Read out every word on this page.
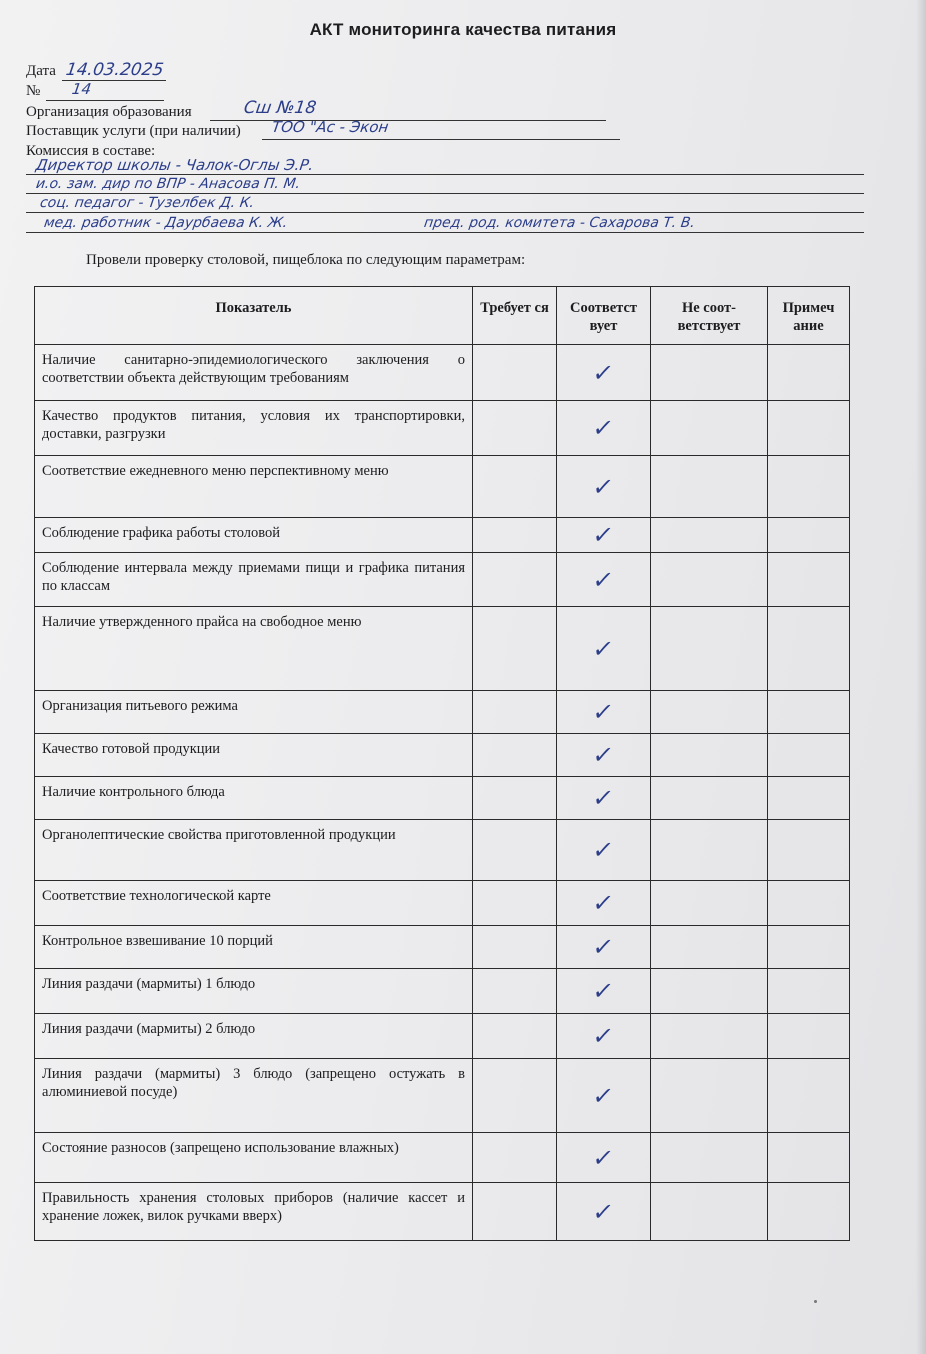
АКТ мониторинга качества питания
Дата 14.03.2025
№ 14
Организация образования	Сш №18
Поставщик услуги (при наличии) ТОО "Ас - Экон
Комиссия в составе:
Директор школы - Чалок-Оглы Э.Р.
и.о. зам. дир по ВПР - Анасова П. М.
соц. педагог - Тузелбек Д. К.
мед. работник - Даурбаева К. Ж.	пред. род. комитета - Сахарова Т. В.
Провели проверку столовой, пищеблока по следующим параметрам:
Показатель	Требует ся	Соответст вует	Не соот- ветствует	Примеч ание
Наличие санитарно-эпидемиологического заключения о соответствии объекта действующим требованиям		✓		
Качество продуктов питания, условия их транспортировки, доставки, разгрузки		✓		
Соответствие ежедневного меню перспективному меню		✓		
Соблюдение графика работы столовой		✓		
Соблюдение интервала между приемами пищи и графика питания по классам		✓		
Наличие утвержденного прайса на свободное меню		✓		
Организация питьевого режима		✓		
Качество готовой продукции		✓		
Наличие контрольного блюда		✓		
Органолептические свойства приготовленной продукции		✓		
Соответствие технологической карте		✓		
Контрольное взвешивание 10 порций		✓		
Линия раздачи (мармиты) 1 блюдо		✓		
Линия раздачи (мармиты) 2 блюдо		✓		
Линия раздачи (мармиты) 3 блюдо (запрещено остужать в алюминиевой посуде)		✓		
Состояние разносов (запрещено использование влажных)		✓		
Правильность хранения столовых приборов (наличие кассет и хранение ложек, вилок ручками вверх)		✓		
